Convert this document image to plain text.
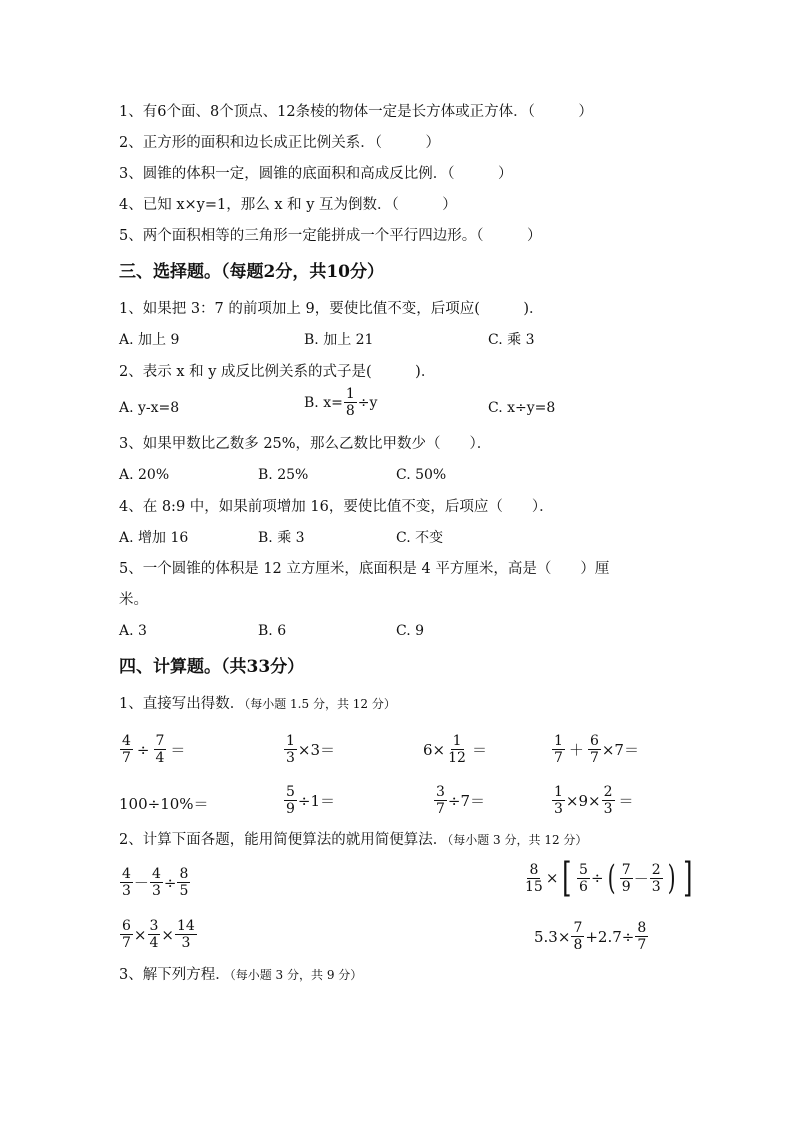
1、有6个面、8个顶点、12条棱的物体一定是长方体或正方体．（　　　）
2、正方形的面积和边长成正比例关系．（　　　）
3、圆锥的体积一定，圆锥的底面积和高成反比例．（　　　）
4、已知 x×y=1，那么 x 和 y 互为倒数．（　　　）
5、两个面积相等的三角形一定能拼成一个平行四边形。（　　　）
三、选择题。（每题2分，共10分）
1、如果把 3：7 的前项加上 9，要使比值不变，后项应(　　　)．
A. 加上 9	B. 加上 21	C. 乘 3
2、表示 x 和 y 成反比例关系的式子是(　　　)．
A. y-x=8	B. $x= \frac{1}{8} \div y$	C. x÷y=8
3、如果甲数比乙数多 25%，那么乙数比甲数少（　　）．
A. 20%	B. 25%	C. 50%
4、在 8:9 中，如果前项增加 16，要使比值不变，后项应（　　）．
A. 增加 16	B. 乘 3	C. 不变
5、一个圆锥的体积是 12 立方厘米，底面积是 4 平方厘米，高是（　　）厘
米。
A. 3	B. 6	C. 9
四、计算题。（共33分）
1、直接写出得数．（每小题 1.5 分，共 12 分）
$\frac{4}{7} \div \frac{7}{4}$ ＝	$\frac{1}{3} \times 3=$	$6\times \frac{1}{12}$ ＝	$\frac{1}{7} + \frac{6}{7} \times 7=$
100÷10%＝	$\frac{5}{9} \div 1=$	$\frac{3}{7} \div 7=$	$\frac{1}{3} \times 9\times \frac{2}{3}$ ＝
2、计算下面各题，能用简便算法的就用简便算法．（每小题 3 分，共 12 分）
$\frac{4}{3} - \frac{4}{3} \div \frac{8}{5}$	$\frac{8}{15}$ × [ $\frac{5}{6}$ ÷ ( $\frac{7}{9} - \frac{2}{3}$ ) ]
$\frac{6}{7} \times \frac{3}{4} \times \frac{14}{3}$	$5.3\times \frac{7}{8} +2.7\div \frac{8}{7}$
3、解下列方程．（每小题 3 分，共 9 分）
